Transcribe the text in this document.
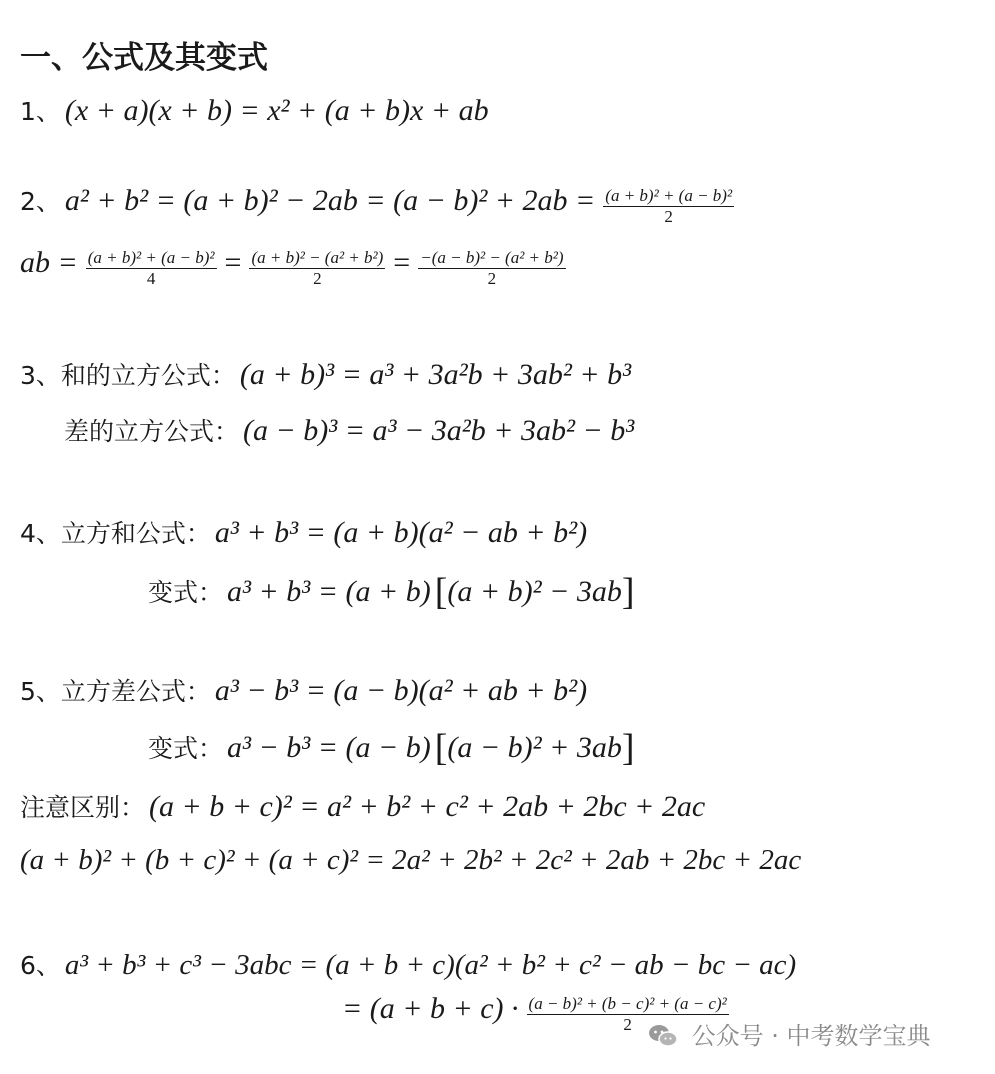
一、公式及其变式
1、 (x + a)(x + b) = x² + (a + b)x + ab
2、 $a^2 + b^2 = (a + b)^2 - 2ab = (a - b)^2 + 2ab = \frac{\text{(a + b)² + (a − b)²}}{2}$
ab = $\frac{\text{(a + b)² + (a − b)²}}{4} = \frac{\text{(a + b)² − (a² + b²)}}{2} = \frac{\text{−(a − b)² − (a² + b²)}}{2}$
3、和的立方公式： (a + b)³ = a³ + 3a²b + 3ab² + b³
差的立方公式： (a − b)³ = a³ − 3a²b + 3ab² − b³
4、立方和公式： a³ + b³ = (a + b)(a² − ab + b²)
变式： a³ + b³ = (a + b) [(a + b)² − 3ab]
5、立方差公式： a³ − b³ = (a − b)(a² + ab + b²)
变式： a³ − b³ = (a − b) [(a − b)² + 3ab]
注意区别： (a + b + c)² = a² + b² + c² + 2ab + 2bc + 2ac
(a + b)² + (b + c)² + (a + c)² = 2a² + 2b² + 2c² + 2ab + 2bc + 2ac
6、 a³ + b³ + c³ − 3abc = (a + b + c)(a² + b² + c² − ab − bc − ac)
= $(a + b + c) \cdot \frac{\text{(a − b)² + (b − c)² + (a − c)²}}{2}$
公众号 · 中考数学宝典
